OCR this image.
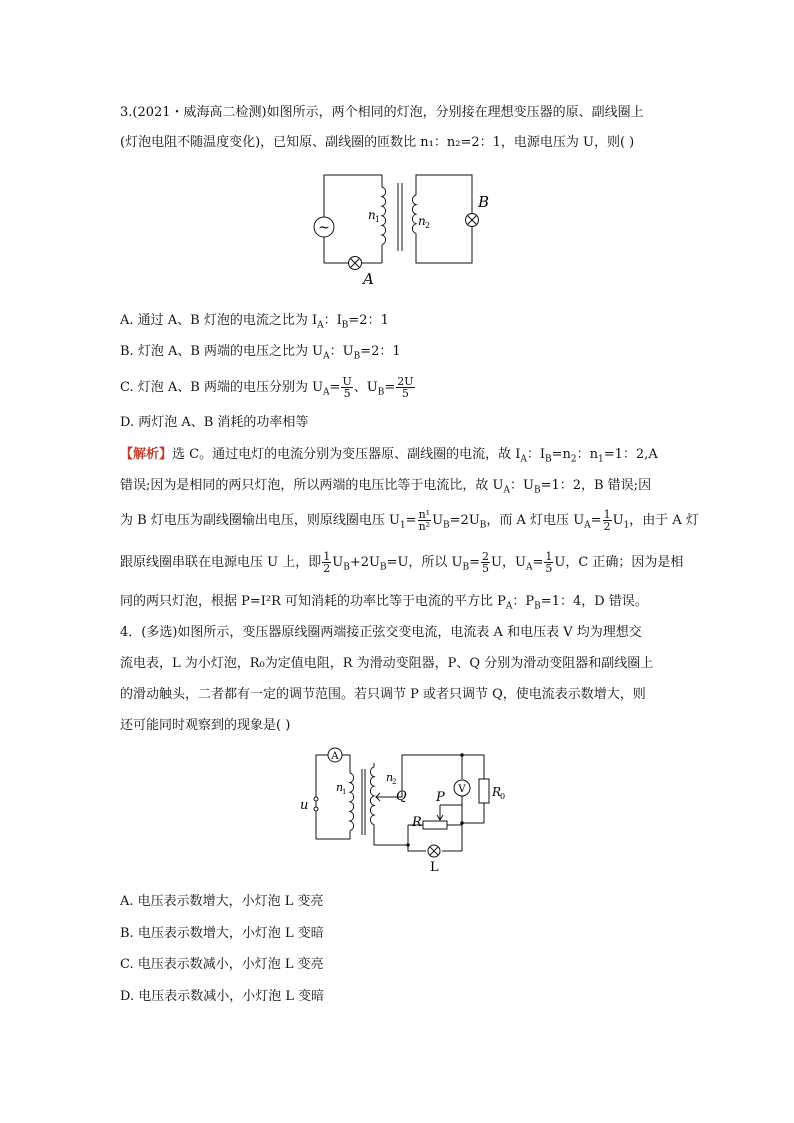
3.(2021・威海高二检测)如图所示，两个相同的灯泡，分别接在理想变压器的原、副线圈上
(灯泡电阻不随温度变化)，已知原、副线圈的匝数比 n₁：n₂=2：1，电源电压为 U，则( )
~
n 1	n 2
B
A
A. 通过 A、B 灯泡的电流之比为 $I_A$：$I_B=2$：1
B. 灯泡 A、B 两端的电压之比为 $U_A$：$U_B=2$：1
C. 灯泡 A、B 两端的电压分别为 $U_A= \frac{U}{5}$ 、$U_B= \frac{2U}{5}$
D. 两灯泡 A、B 消耗的功率相等
【解析】选 C。通过电灯的电流分别为变压器原、副线圈的电流，故 $I_A$：$I_B=n_2$：$n_1=1$：2,A
错误;因为是相同的两只灯泡，所以两端的电压比等于电流比，故 $U_A$：$U_B=1$：2，B 错误;因
为 B 灯电压为副线圈输出电压，则原线圈电压 $U_1= \frac{\text{n¹}}{\text{n²}} U_B=2U_B$，而 A 灯电压 $U_A= \frac{1}{2} U_1$，由于 A 灯
跟原线圈串联在电源电压 U 上，即 $\frac{1}{2} U_B+2U_B=U$，所以 $U_B= \frac{2}{5}$ U，$U_A= \frac{1}{5}$ U，C 正确；因为是相
同的两只灯泡，根据 P=I²R 可知消耗的功率比等于电流的平方比 $P_A$：$P_B=1$：4，D 错误。
4．(多选)如图所示，变压器原线圈两端接正弦交变电流，电流表 A 和电压表 V 均为理想交
流电表，L 为小灯泡，R₀为定值电阻，R 为滑动变阻器，P、Q 分别为滑动变阻器和副线圈上
的滑动触头，二者都有一定的调节范围。若只调节 P 或者只调节 Q，使电流表示数增大，则
还可能同时观察到的现象是( )
A
V
u
n
1
n
2
Q P
R
R
0
L
A. 电压表示数增大，小灯泡 L 变亮
B. 电压表示数增大，小灯泡 L 变暗
C. 电压表示数减小，小灯泡 L 变亮
D. 电压表示数减小，小灯泡 L 变暗
